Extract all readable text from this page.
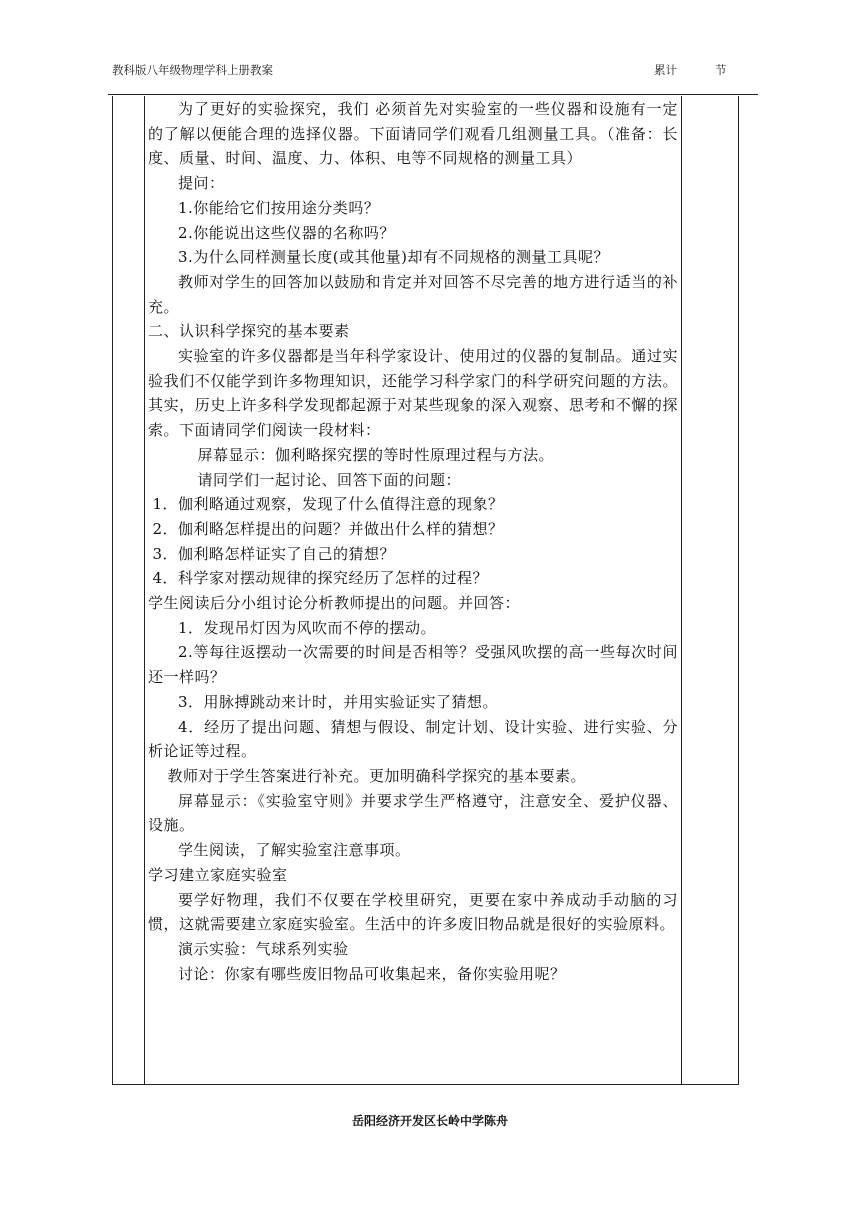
教科版八年级物理学科上册教案	累计	节

为了更好的实验探究，我们 必须首先对实验室的一些仪器和设施有一定的了解以便能合理的选择仪器。下面请同学们观看几组测量工具。（准备：长度、质量、时间、温度、力、体积、电等不同规格的测量工具）

提问：

1.你能给它们按用途分类吗？

2.你能说出这些仪器的名称吗？

3.为什么同样测量长度(或其他量)却有不同规格的测量工具呢？

教师对学生的回答加以鼓励和肯定并对回答不尽完善的地方进行适当的补充。

二、认识科学探究的基本要素

实验室的许多仪器都是当年科学家设计、使用过的仪器的复制品。通过实验我们不仅能学到许多物理知识，还能学习科学家门的科学研究问题的方法。其实，历史上许多科学发现都起源于对某些现象的深入观察、思考和不懈的探索。下面请同学们阅读一段材料：

屏幕显示：伽利略探究摆的等时性原理过程与方法。

请同学们一起讨论、回答下面的问题：

1．伽利略通过观察，发现了什么值得注意的现象？

2．伽利略怎样提出的问题？并做出什么样的猜想？

3．伽利略怎样证实了自己的猜想？

4．科学家对摆动规律的探究经历了怎样的过程？

学生阅读后分小组讨论分析教师提出的问题。并回答：

1．发现吊灯因为风吹而不停的摆动。

2.等每往返摆动一次需要的时间是否相等？受强风吹摆的高一些每次时间还一样吗？

3．用脉搏跳动来计时，并用实验证实了猜想。

4．经历了提出问题、猜想与假设、制定计划、设计实验、进行实验、分析论证等过程。

教师对于学生答案进行补充。更加明确科学探究的基本要素。

屏幕显示：《实验室守则》并要求学生严格遵守，注意安全、爱护仪器、设施。

学生阅读，了解实验室注意事项。

学习建立家庭实验室

要学好物理，我们不仅要在学校里研究，更要在家中养成动手动脑的习惯，这就需要建立家庭实验室。生活中的许多废旧物品就是很好的实验原料。

演示实验：气球系列实验

讨论：你家有哪些废旧物品可收集起来，备你实验用呢？

岳阳经济开发区长岭中学陈舟
